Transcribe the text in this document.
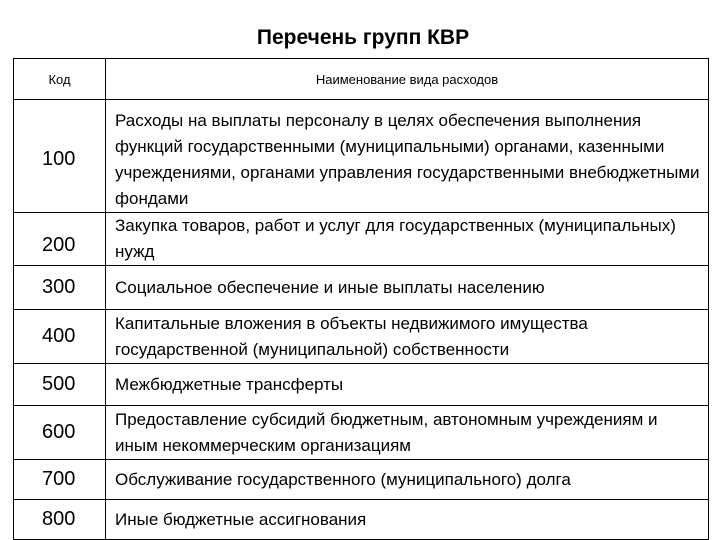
Перечень групп КВР
Код	Наименование вида расходов
100	Расходы на выплаты персоналу в целях обеспечения выполнения функций государственными (муниципальными) органами, казенными учреждениями, органами управления государственными внебюджетными фондами
200	Закупка товаров, работ и услуг для государственных (муниципальных) нужд
300	Социальное обеспечение и иные выплаты населению
400	Капитальные вложения в объекты недвижимого имущества государственной (муниципальной) собственности
500	Межбюджетные трансферты
600	Предоставление субсидий бюджетным, автономным учреждениям и иным некоммерческим организациям
700	Обслуживание государственного (муниципального) долга
800	Иные бюджетные ассигнования
